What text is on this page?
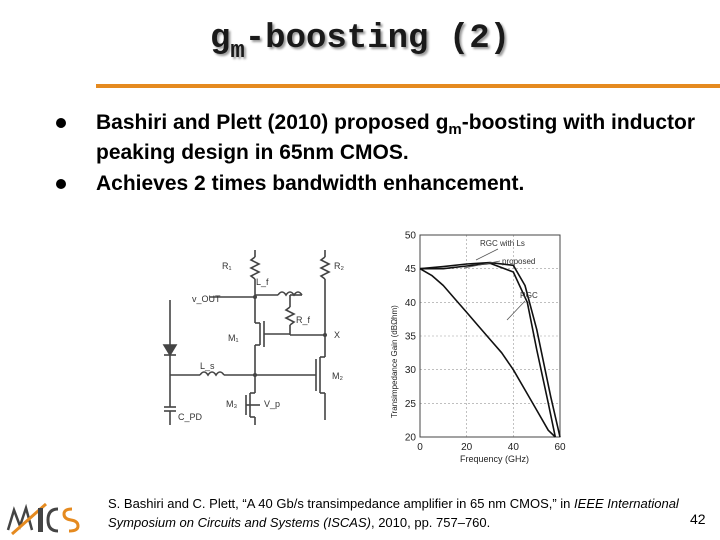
$g_m$-boosting (2)
Bashiri and Plett (2010) proposed $g_m$-boosting with inductor peaking design in 65nm CMOS.
Achieves 2 times bandwidth enhancement.
R₁	R₂
L_f
R_f
v_OUT
X
M₁
M₂
L_s
M₃	V_p
C_PD
20
25
30
35
40
45
50
0	20	40	60
Frequency (GHz)
Transimpedance Gain (dBΩhm)
RGC with Ls
proposed
RGC
S. Bashiri and C. Plett, “A 40 Gb/s transimpedance amplifier in 65 nm CMOS,” in IEEE International Symposium on Circuits and Systems (ISCAS), 2010, pp. 757–760.	42
